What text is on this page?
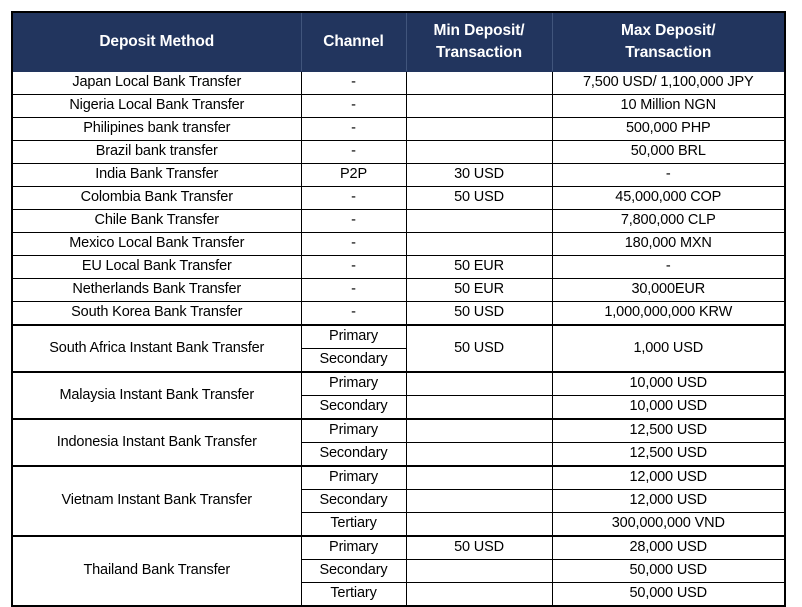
Deposit Method	Channel	Min Deposit/
Transaction	Max Deposit/
Transaction
Japan Local Bank Transfer	-		7,500 USD/ 1,100,000 JPY
Nigeria Local Bank Transfer	-		10 Million NGN
Philipines bank transfer	-		500,000 PHP
Brazil bank transfer	-		50,000 BRL
India Bank Transfer	P2P	30 USD	-
Colombia Bank Transfer	-	50 USD	45,000,000 COP
Chile Bank Transfer	-		7,800,000 CLP
Mexico Local Bank Transfer	-		180,000 MXN
EU Local Bank Transfer	-	50 EUR	-
Netherlands Bank Transfer	-	50 EUR	30,000EUR
South Korea Bank Transfer	-	50 USD	1,000,000,000 KRW
South Africa Instant Bank Transfer	Primary	50 USD	1,000 USD
	Secondary		
Malaysia Instant Bank Transfer	Primary		10,000 USD
	Secondary		10,000 USD
Indonesia Instant Bank Transfer	Primary		12,500 USD
	Secondary		12,500 USD
Vietnam Instant Bank Transfer	Primary		12,000 USD
	Secondary		12,000 USD
	Tertiary		300,000,000 VND
Thailand Bank Transfer	Primary	50 USD	28,000 USD
	Secondary		50,000 USD
	Tertiary		50,000 USD
